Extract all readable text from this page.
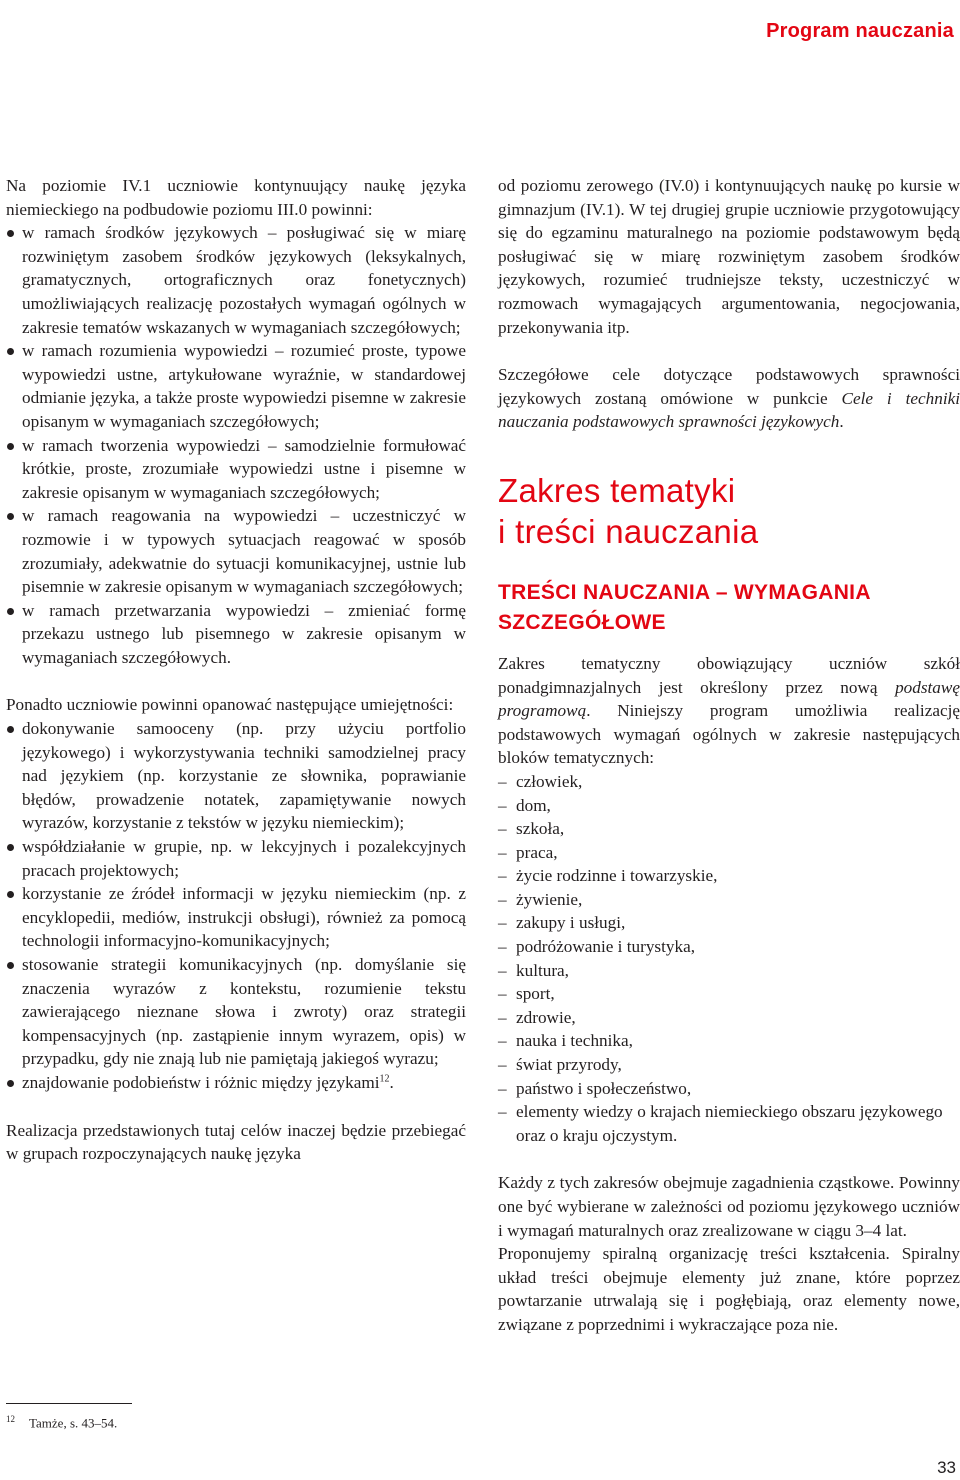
Program nauczania

Na poziomie IV.1 uczniowie kontynuujący naukę języka niemieckiego na podbudowie poziomu III.0 powinni:

w ramach środków językowych – posługiwać się w miarę rozwiniętym zasobem środków językowych (leksykalnych, gramatycznych, ortograficznych oraz fonetycznych) umożliwiających realizację pozostałych wymagań ogólnych w zakresie tematów wskazanych w wymaganiach szczegółowych;
w ramach rozumienia wypowiedzi – rozumieć proste, typowe wypowiedzi ustne, artykułowane wyraźnie, w standardowej odmianie języka, a także proste wypowiedzi pisemne w zakresie opisanym w wymaganiach szczegółowych;
w ramach tworzenia wypowiedzi – samodzielnie formułować krótkie, proste, zrozumiałe wypowiedzi ustne i pisemne w zakresie opisanym w wymaganiach szczegółowych;
w ramach reagowania na wypowiedzi – uczestniczyć w rozmowie i w typowych sytuacjach reagować w sposób zrozumiały, adekwatnie do sytuacji komunikacyjnej, ustnie lub pisemnie w zakresie opisanym w wymaganiach szczegółowych;
w ramach przetwarzania wypowiedzi – zmieniać formę przekazu ustnego lub pisemnego w zakresie opisanym w wymaganiach szczegółowych.

Ponadto uczniowie powinni opanować następujące umiejętności:

dokonywanie samooceny (np. przy użyciu portfolio językowego) i wykorzystywania techniki samodzielnej pracy nad językiem (np. korzystanie ze słownika, poprawianie błędów, prowadzenie notatek, zapamiętywanie nowych wyrazów, korzystanie z tekstów w języku niemieckim);
współdziałanie w grupie, np. w lekcyjnych i pozalekcyjnych pracach projektowych;
korzystanie ze źródeł informacji w języku niemieckim (np. z encyklopedii, mediów, instrukcji obsługi), również za pomocą technologii informacyjno-komunikacyjnych;
stosowanie strategii komunikacyjnych (np. domyślanie się znaczenia wyrazów z kontekstu, rozumienie tekstu zawierającego nieznane słowa i zwroty) oraz strategii kompensacyjnych (np. zastąpienie innym wyrazem, opis) w przypadku, gdy nie znają lub nie pamiętają jakiegoś wyrazu;
znajdowanie podobieństw i różnic między językami$^{12}$.

Realizacja przedstawionych tutaj celów inaczej będzie przebiegać w grupach rozpoczynających naukę języka

od poziomu zerowego (IV.0) i kontynuujących naukę po kursie w gimnazjum (IV.1). W tej drugiej grupie uczniowie przygotowujący się do egzaminu maturalnego na poziomie podstawowym będą posługiwać się w miarę rozwiniętym zasobem środków językowych, rozumieć trudniejsze teksty, uczestniczyć w rozmowach wymagających argumentowania, negocjowania, przekonywania itp.

Szczegółowe cele dotyczące podstawowych sprawności językowych zostaną omówione w punkcie Cele i techniki nauczania podstawowych sprawności językowych.

Zakres tematyki
i treści nauczania
TREŚCI NAUCZANIA – WYMAGANIA
SZCZEGÓŁOWE

Zakres tematyczny obowiązujący uczniów szkół ponadgimnazjalnych jest określony przez nową podstawę programową. Niniejszy program umożliwia realizację podstawowych wymagań ogólnych w zakresie następujących bloków tematycznych:

– człowiek,
– dom,
– szkoła,
– praca,
– życie rodzinne i towarzyskie,
– żywienie,
– zakupy i usługi,
– podróżowanie i turystyka,
– kultura,
– sport,
– zdrowie,
– nauka i technika,
– świat przyrody,
– państwo i społeczeństwo,
– elementy wiedzy o krajach niemieckiego obszaru językowego oraz o kraju ojczystym.

Każdy z tych zakresów obejmuje zagadnienia cząstkowe. Powinny one być wybierane w zależności od poziomu językowego uczniów i wymagań maturalnych oraz zrealizowane w ciągu 3–4 lat.

Proponujemy spiralną organizację treści kształcenia. Spiralny układ treści obejmuje elementy już znane, które poprzez powtarzanie utrwalają się i pogłębiają, oraz elementy nowe, związane z poprzednimi i wykraczające poza nie.

$^{12}$ Tamże, s. 43–54.
33
